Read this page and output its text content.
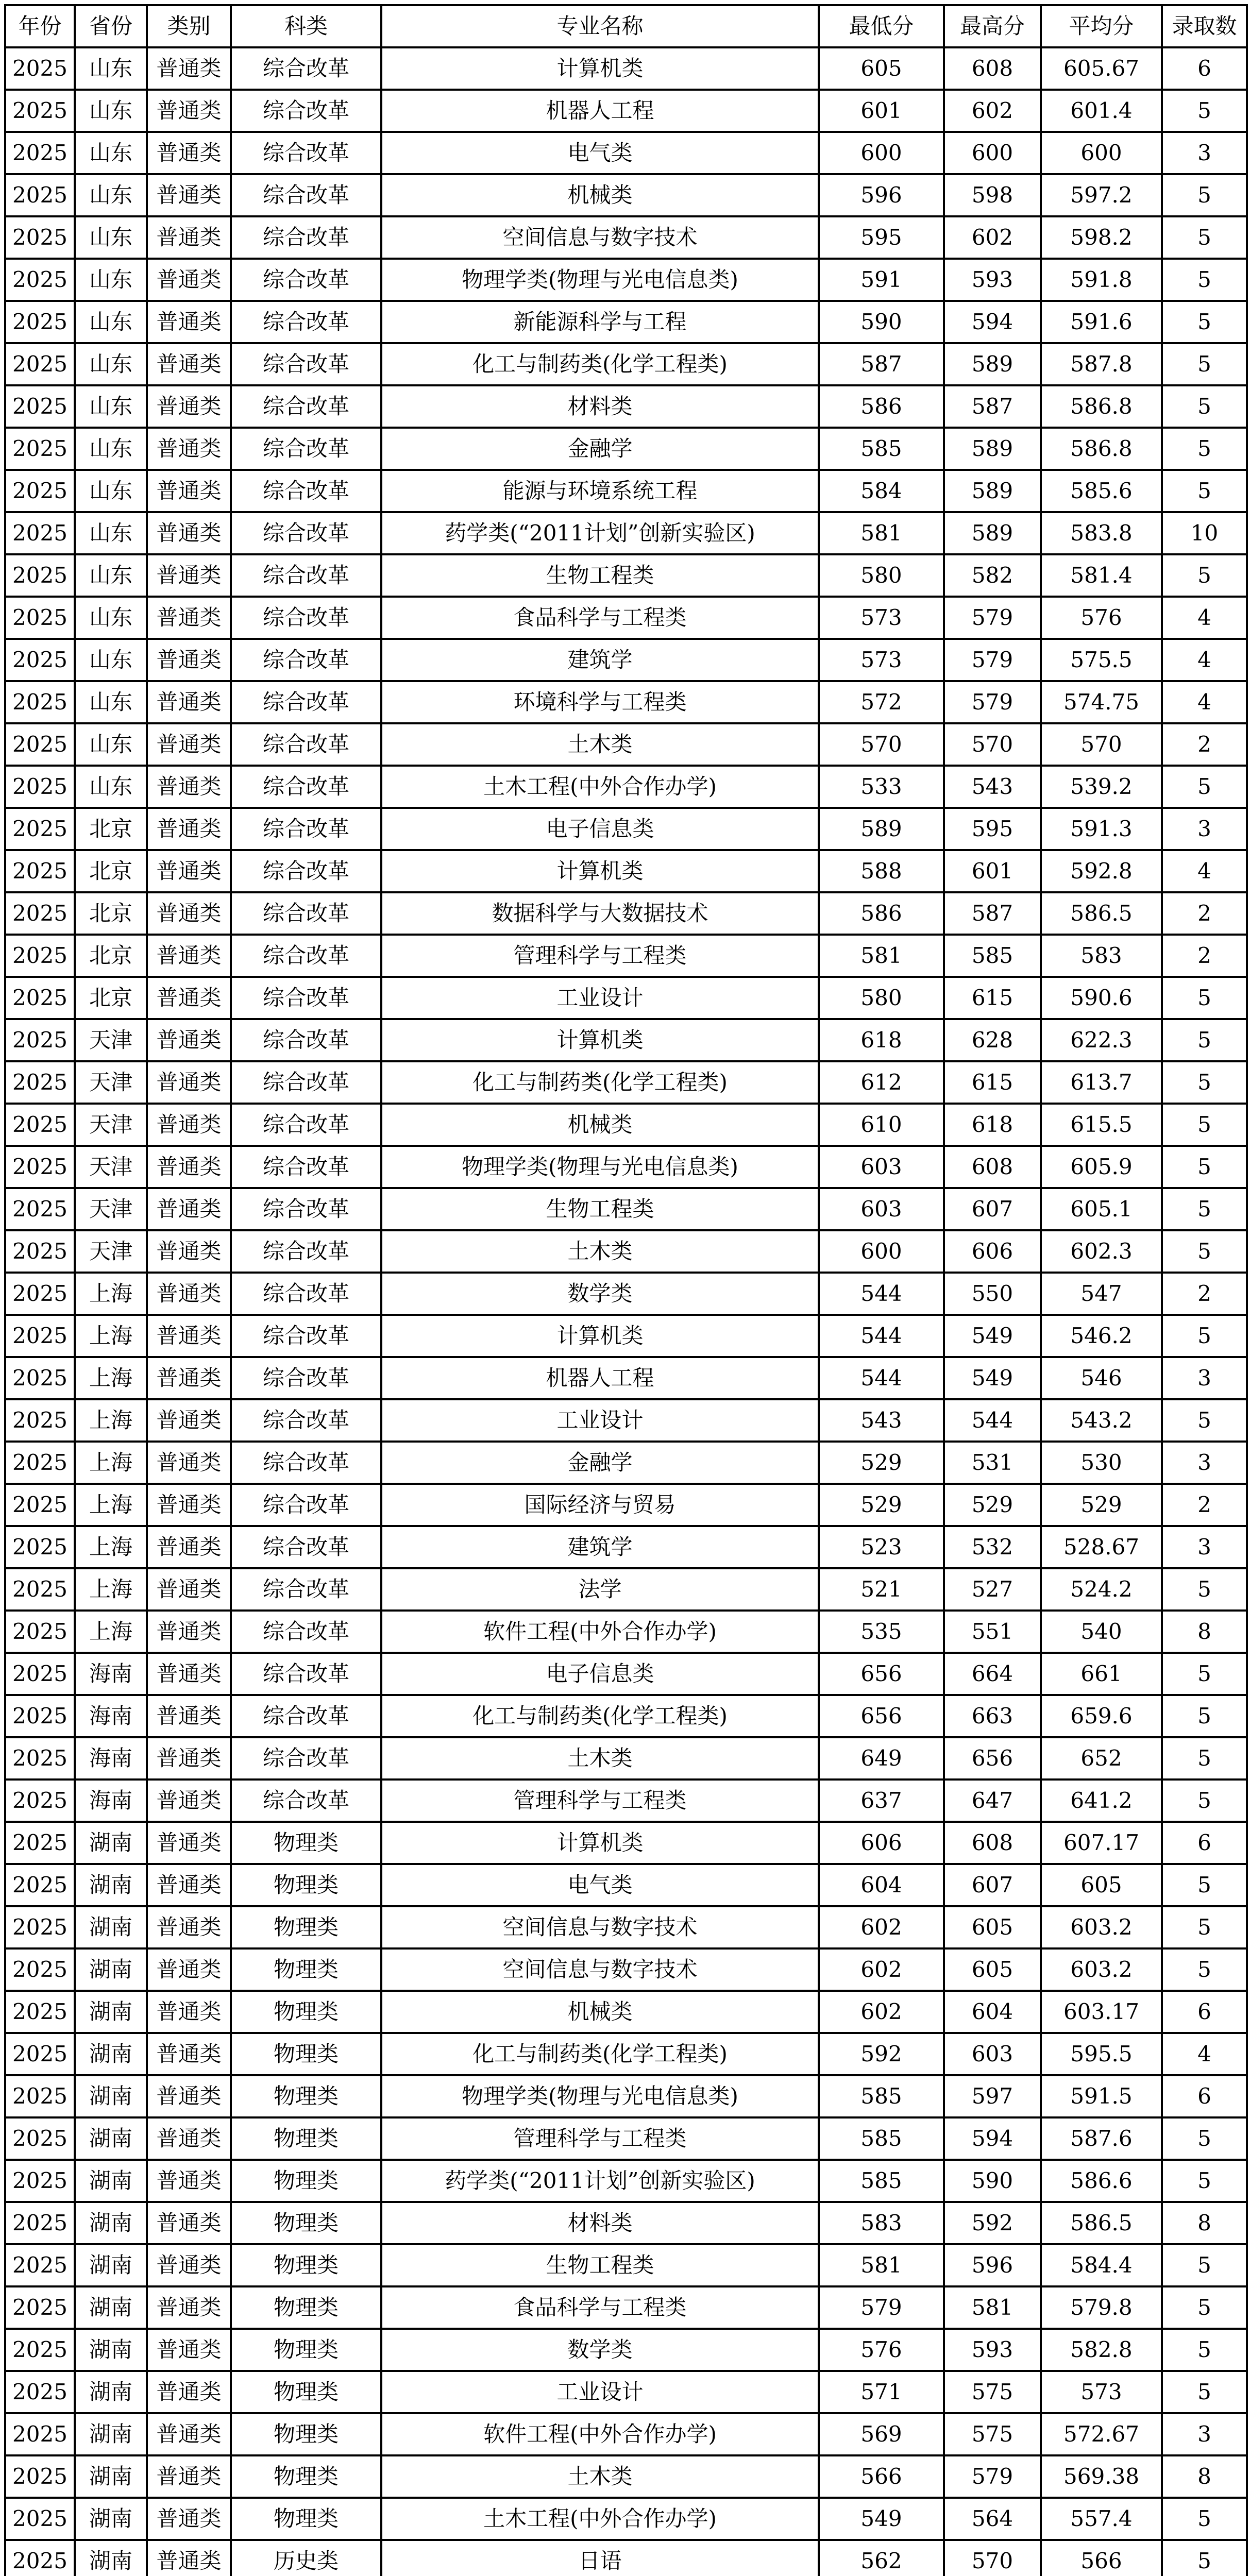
年份	省份	类别	科类	专业名称	最低分	最高分	平均分	录取数
2025	山东	普通类	综合改革	计算机类	605	608	605.67	6
2025	山东	普通类	综合改革	机器人工程	601	602	601.4	5
2025	山东	普通类	综合改革	电气类	600	600	600	3
2025	山东	普通类	综合改革	机械类	596	598	597.2	5
2025	山东	普通类	综合改革	空间信息与数字技术	595	602	598.2	5
2025	山东	普通类	综合改革	物理学类(物理与光电信息类)	591	593	591.8	5
2025	山东	普通类	综合改革	新能源科学与工程	590	594	591.6	5
2025	山东	普通类	综合改革	化工与制药类(化学工程类)	587	589	587.8	5
2025	山东	普通类	综合改革	材料类	586	587	586.8	5
2025	山东	普通类	综合改革	金融学	585	589	586.8	5
2025	山东	普通类	综合改革	能源与环境系统工程	584	589	585.6	5
2025	山东	普通类	综合改革	药学类(“2011计划”创新实验区)	581	589	583.8	10
2025	山东	普通类	综合改革	生物工程类	580	582	581.4	5
2025	山东	普通类	综合改革	食品科学与工程类	573	579	576	4
2025	山东	普通类	综合改革	建筑学	573	579	575.5	4
2025	山东	普通类	综合改革	环境科学与工程类	572	579	574.75	4
2025	山东	普通类	综合改革	土木类	570	570	570	2
2025	山东	普通类	综合改革	土木工程(中外合作办学)	533	543	539.2	5
2025	北京	普通类	综合改革	电子信息类	589	595	591.3	3
2025	北京	普通类	综合改革	计算机类	588	601	592.8	4
2025	北京	普通类	综合改革	数据科学与大数据技术	586	587	586.5	2
2025	北京	普通类	综合改革	管理科学与工程类	581	585	583	2
2025	北京	普通类	综合改革	工业设计	580	615	590.6	5
2025	天津	普通类	综合改革	计算机类	618	628	622.3	5
2025	天津	普通类	综合改革	化工与制药类(化学工程类)	612	615	613.7	5
2025	天津	普通类	综合改革	机械类	610	618	615.5	5
2025	天津	普通类	综合改革	物理学类(物理与光电信息类)	603	608	605.9	5
2025	天津	普通类	综合改革	生物工程类	603	607	605.1	5
2025	天津	普通类	综合改革	土木类	600	606	602.3	5
2025	上海	普通类	综合改革	数学类	544	550	547	2
2025	上海	普通类	综合改革	计算机类	544	549	546.2	5
2025	上海	普通类	综合改革	机器人工程	544	549	546	3
2025	上海	普通类	综合改革	工业设计	543	544	543.2	5
2025	上海	普通类	综合改革	金融学	529	531	530	3
2025	上海	普通类	综合改革	国际经济与贸易	529	529	529	2
2025	上海	普通类	综合改革	建筑学	523	532	528.67	3
2025	上海	普通类	综合改革	法学	521	527	524.2	5
2025	上海	普通类	综合改革	软件工程(中外合作办学)	535	551	540	8
2025	海南	普通类	综合改革	电子信息类	656	664	661	5
2025	海南	普通类	综合改革	化工与制药类(化学工程类)	656	663	659.6	5
2025	海南	普通类	综合改革	土木类	649	656	652	5
2025	海南	普通类	综合改革	管理科学与工程类	637	647	641.2	5
2025	湖南	普通类	物理类	计算机类	606	608	607.17	6
2025	湖南	普通类	物理类	电气类	604	607	605	5
2025	湖南	普通类	物理类	空间信息与数字技术	602	605	603.2	5
2025	湖南	普通类	物理类	空间信息与数字技术	602	605	603.2	5
2025	湖南	普通类	物理类	机械类	602	604	603.17	6
2025	湖南	普通类	物理类	化工与制药类(化学工程类)	592	603	595.5	4
2025	湖南	普通类	物理类	物理学类(物理与光电信息类)	585	597	591.5	6
2025	湖南	普通类	物理类	管理科学与工程类	585	594	587.6	5
2025	湖南	普通类	物理类	药学类(“2011计划”创新实验区)	585	590	586.6	5
2025	湖南	普通类	物理类	材料类	583	592	586.5	8
2025	湖南	普通类	物理类	生物工程类	581	596	584.4	5
2025	湖南	普通类	物理类	食品科学与工程类	579	581	579.8	5
2025	湖南	普通类	物理类	数学类	576	593	582.8	5
2025	湖南	普通类	物理类	工业设计	571	575	573	5
2025	湖南	普通类	物理类	软件工程(中外合作办学)	569	575	572.67	3
2025	湖南	普通类	物理类	土木类	566	579	569.38	8
2025	湖南	普通类	物理类	土木工程(中外合作办学)	549	564	557.4	5
2025	湖南	普通类	历史类	日语	562	570	566	5
